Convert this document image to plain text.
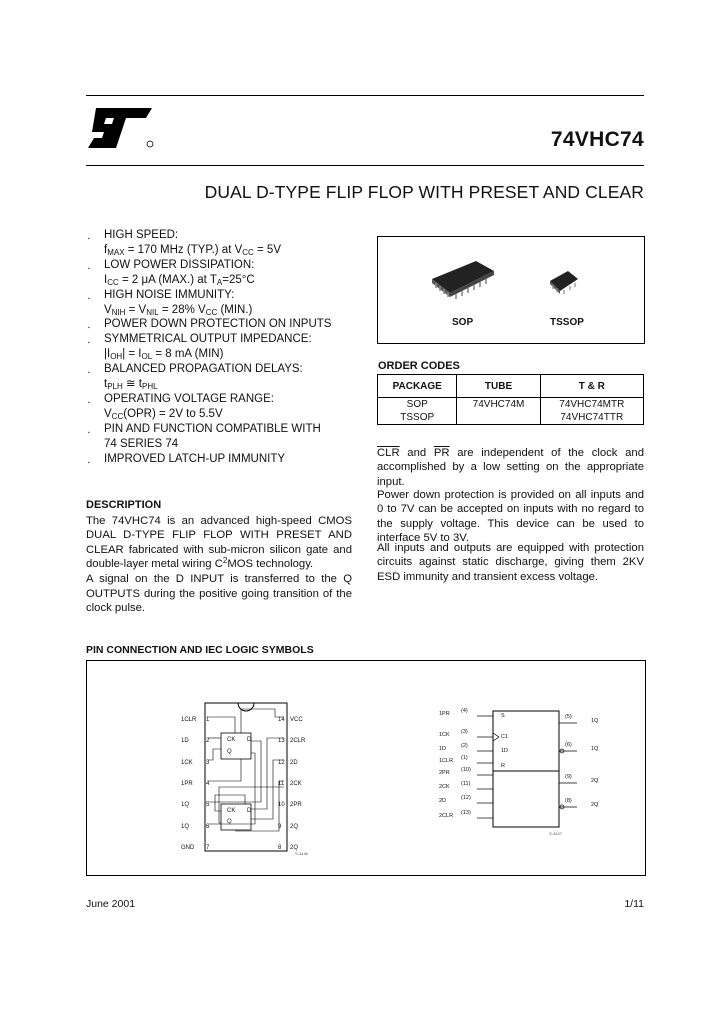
74VHC74
DUAL D-TYPE FLIP FLOP WITH PRESET AND CLEAR
▪ HIGH SPEED:
$f_{MAX} = 170$ MHz (TYP.) at $V_{CC} = 5V$
▪ LOW POWER DISSIPATION:
$I_{CC} = 2$ μA (MAX.) at $T_A=25^\circ C$
▪ HIGH NOISE IMMUNITY:
$V_{NIH} = V_{NIL} = 28\%$ $V_{CC}$ (MIN.)
▪ POWER DOWN PROTECTION ON INPUTS
▪ SYMMETRICAL OUTPUT IMPEDANCE:
$|I_{OH}| = I_{OL} = 8$ mA (MIN)
▪ BALANCED PROPAGATION DELAYS:
$t_{PLH}$ ≅ $t_{PHL}$
▪ OPERATING VOLTAGE RANGE:
$V_{CC}(OPR) = 2V$ to 5.5V
▪ PIN AND FUNCTION COMPATIBLE WITH
74 SERIES 74
▪ IMPROVED LATCH-UP IMMUNITY
DESCRIPTION
The 74VHC74 is an advanced high-speed CMOS DUAL D-TYPE FLIP FLOP WITH PRESET AND CLEAR fabricated with sub-micron silicon gate and double-layer metal wiring $C^2MOS$ technology.
A signal on the D INPUT is transferred to the Q OUTPUTS during the positive going transition of the clock pulse.
SOP	TSSOP
ORDER CODES
PACKAGE	TUBE	T & R
SOP	74VHC74M	74VHC74MTR
TSSOP		74VHC74TTR
$\overline{CLR}$ and $\overline{PR}$ are independent of the clock and accomplished by a low setting on the appropriate input.
Power down protection is provided on all inputs and 0 to 7V can be accepted on inputs with no regard to the supply voltage. This device can be used to interface 5V to 3V.
All inputs and outputs are equipped with protection circuits against static discharge, giving them 2KV ESD immunity and transient excess voltage.
PIN CONNECTION AND IEC LOGIC SYMBOLS
S-3446
1CLR 1
1D	2
1CK 3
1PR 4
1Q	5
1Q	6
GND 7
VCC
14
2CLR
13
2D
12
2CK
11
2PR
10
2Q
9
2Q
8
CK D
Q
CK D
Q
S-3447
1PR (4)
1CK (3)
1D	(2)
1CLR (1)
2PR (10)
2CK (11)
2D	(12)
2CLR (13)
(5)
1Q
(6)
1Q
(9)
2Q
(8)
2Q
S
C1
1D
R
June 2001	1/11
